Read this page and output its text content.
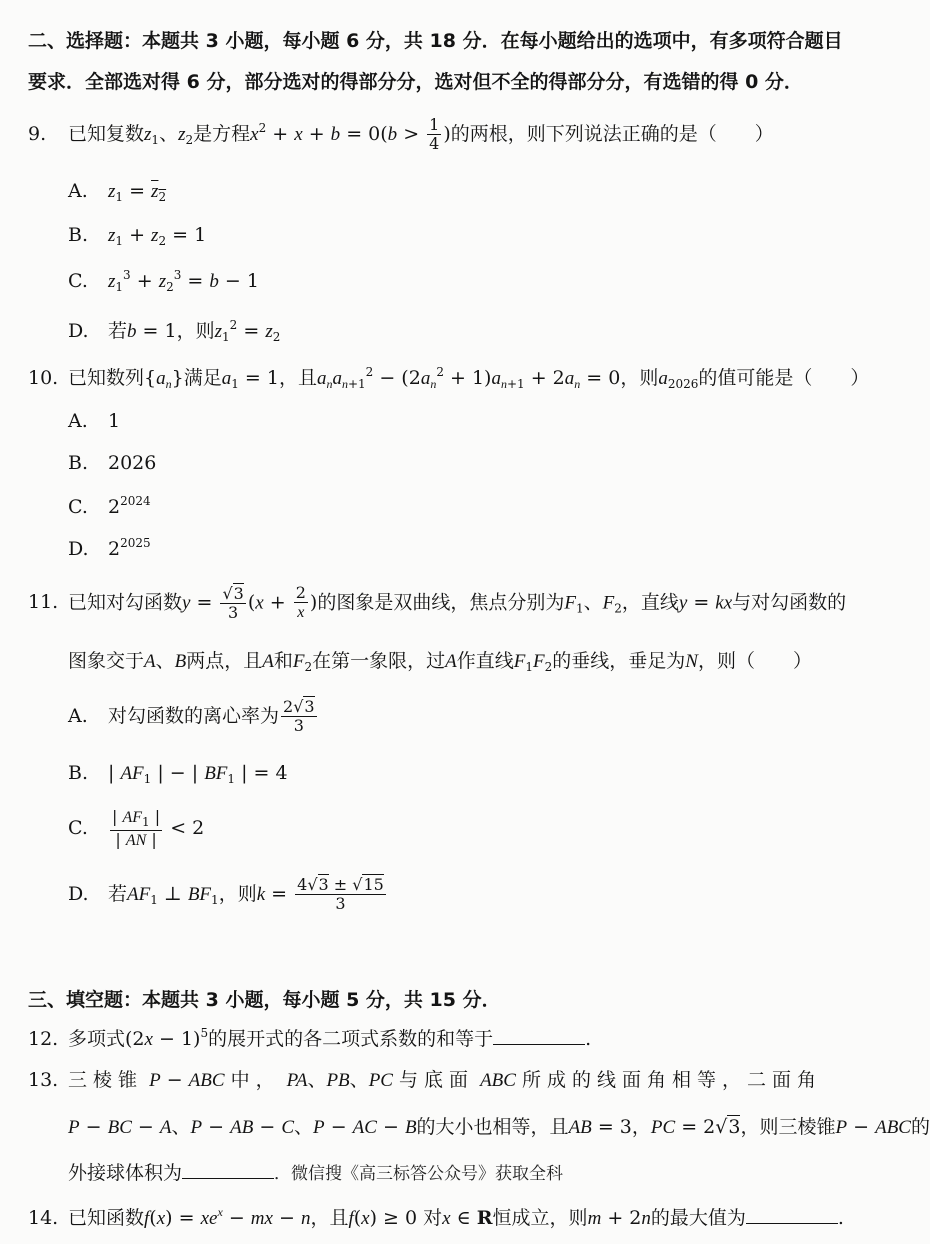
二、选择题：本题共 3 小题，每小题 6 分，共 18 分．在每小题给出的选项中，有多项符合题目
要求．全部选对得 6 分，部分选对的得部分分，选对但不全的得部分分，有选错的得 0 分．
9. 已知复数$z_1$、$z_2$是方程$x^2 + x + b = 0(b > \frac{1}{4}$ )的两根，则下列说法正确的是（　　）
A. $z_1 = z_2$
B. $z_1 + z_2 = 1$
C. $z_1^3 + z_2^3 = b - 1$
D. 若b = 1，则$z_1^2 = z_2$
10. 已知数列$\{a_n\}$满足$a_1 = 1$，且$a_na_{n+1}^2 - (2a_n^2 + 1)a_{n+1} + 2a_n = 0$，则$a_{2026}$的值可能是（　　）
A. 1
B. 2026
C. $2^{2024}$
D. $2^{2025}$
11. 已知对勾函数$y = \frac{√3}{3} (x + \frac{2}{x}$ )的图象是双曲线，焦点分别为$F_1$、$F_2$，直线y = kx与对勾函数的
图象交于A、B两点，且A和$F_2$在第一象限，过A作直线$F_1F_2$的垂线，垂足为N，则（　　）
A. 对勾函数的离心率为 $\frac{2√3}{3}$
B. | $AF_1$ | − | $BF_1$ | = 4
C. $\frac{| AF_1 |}{| AN |} < 2$
D. 若$AF_1$ ⊥ $BF_1$，则$k = \frac{4√3 \pm √15}{3}$
三、填空题：本题共 3 小题，每小题 5 分，共 15 分．
12. 多项式$(2x - 1)^5$的展开式的各二项式系数的和等于	.
13. 三棱锥 P − ABC 中， PA、PB、PC 与底面 ABC 所成的线面角相等，二面角
P − BC − A、P − AB − C、P − AC − B的大小也相等，且AB = 3，PC = 2√3，则三棱锥P − ABC的
外接球体积为	．微信搜《高三标答公众号》获取全科
14. 已知函数$f(x) = xe^x$ − mx − n，且f(x) ≥ 0 对x ∈ R恒成立，则m + 2n的最大值为	.
